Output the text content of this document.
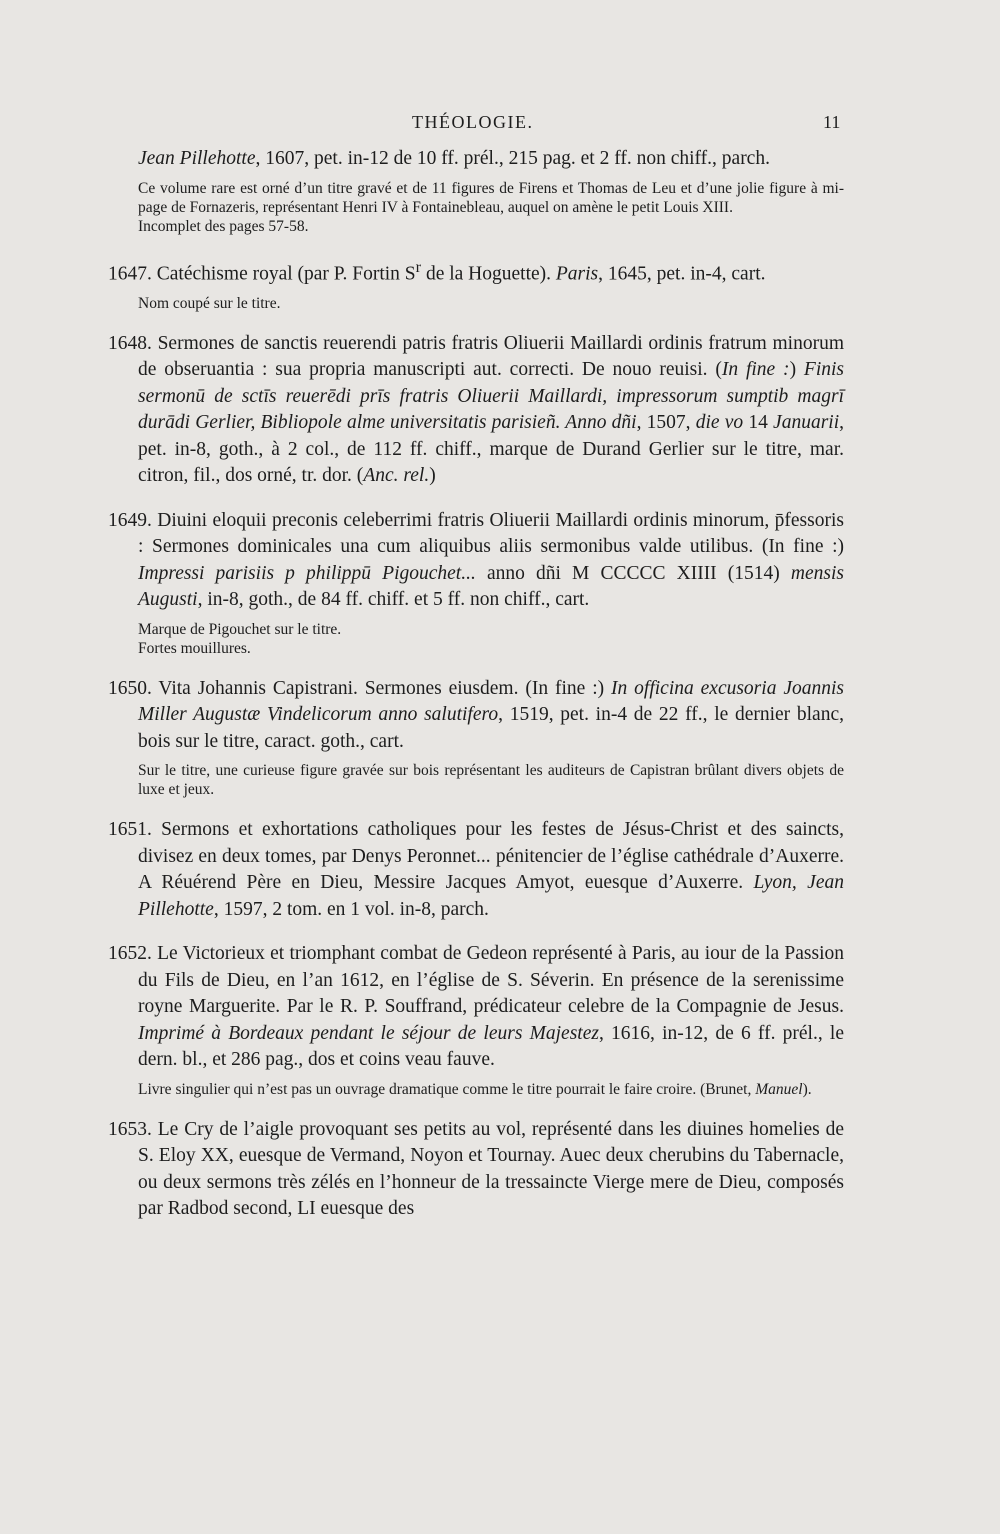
THÉOLOGIE.	11
Jean Pillehotte, 1607, pet. in-12 de 10 ff. prél., 215 pag. et 2 ff. non chiff., parch.
Ce volume rare est orné d’un titre gravé et de 11 figures de Firens et Thomas de Leu et d’une jolie figure à mi-page de Fornazeris, représentant Henri IV à Fontainebleau, auquel on amène le petit Louis XIII.
Incomplet des pages 57-58.
1647. Catéchisme royal (par P. Fortin $S^r$ de la Hoguette). Paris, 1645, pet. in-4, cart.
Nom coupé sur le titre.
1648. Sermones de sanctis reuerendi patris fratris Oliuerii Maillardi ordinis fratrum minorum de obseruantia : sua propria manuscripti aut. correcti. De nouo reuisi. (In fine :) Finis sermonū de sctīs reuerēdi prīs fratris Oliuerii Maillardi, impressorum sumptib magrī durādi Gerlier, Bibliopole alme universitatis parisieñ. Anno dñi, 1507, die vo 14 Januarii, pet. in-8, goth., à 2 col., de 112 ff. chiff., marque de Durand Gerlier sur le titre, mar. citron, fil., dos orné, tr. dor. (Anc. rel.)
1649. Diuini eloquii preconis celeberrimi fratris Oliuerii Maillardi ordinis minorum, p̄fessoris : Sermones dominicales una cum aliquibus aliis sermonibus valde utilibus. (In fine :) Impressi parisiis p philippū Pigouchet... anno dñi M CCCCC XIIII (1514) mensis Augusti, in-8, goth., de 84 ff. chiff. et 5 ff. non chiff., cart.
Marque de Pigouchet sur le titre.
Fortes mouillures.
1650. Vita Johannis Capistrani. Sermones eiusdem. (In fine :) In officina excusoria Joannis Miller Augustæ Vindelicorum anno salutifero, 1519, pet. in-4 de 22 ff., le dernier blanc, bois sur le titre, caract. goth., cart.
Sur le titre, une curieuse figure gravée sur bois représentant les auditeurs de Capistran brûlant divers objets de luxe et jeux.
1651. Sermons et exhortations catholiques pour les festes de Jésus-Christ et des saincts, divisez en deux tomes, par Denys Peronnet... pénitencier de l’église cathédrale d’Auxerre. A Réuérend Père en Dieu, Messire Jacques Amyot, euesque d’Auxerre. Lyon, Jean Pillehotte, 1597, 2 tom. en 1 vol. in-8, parch.
1652. Le Victorieux et triomphant combat de Gedeon représenté à Paris, au iour de la Passion du Fils de Dieu, en l’an 1612, en l’église de S. Séverin. En présence de la serenissime royne Marguerite. Par le R. P. Souffrand, prédicateur celebre de la Compagnie de Jesus. Imprimé à Bordeaux pendant le séjour de leurs Majestez, 1616, in-12, de 6 ff. prél., le dern. bl., et 286 pag., dos et coins veau fauve.
Livre singulier qui n’est pas un ouvrage dramatique comme le titre pourrait le faire croire. (Brunet, Manuel).
1653. Le Cry de l’aigle provoquant ses petits au vol, représenté dans les diuines homelies de S. Eloy XX, euesque de Vermand, Noyon et Tournay. Auec deux cherubins du Tabernacle, ou deux sermons très zélés en l’honneur de la tressaincte Vierge mere de Dieu, composés par Radbod second, LI euesque des
